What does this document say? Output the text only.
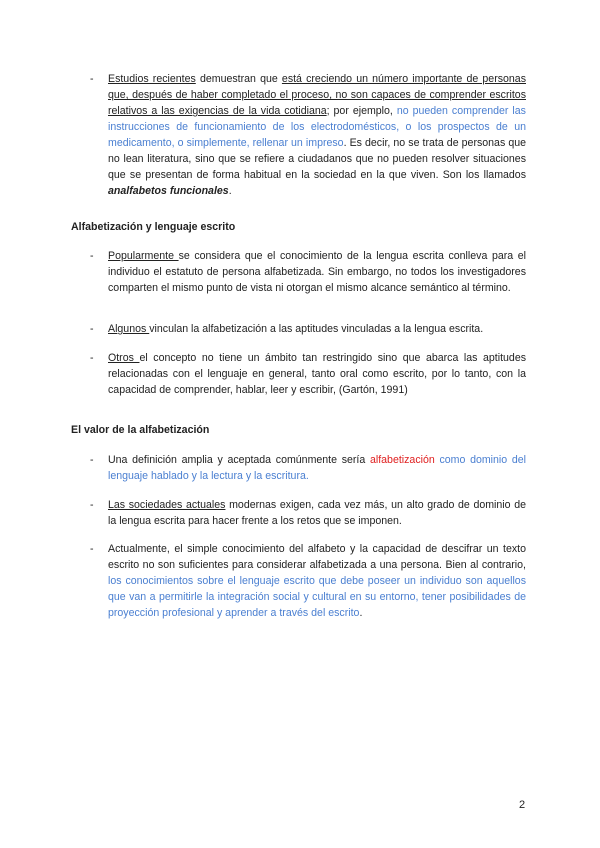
- Estudios recientes demuestran que está creciendo un número importante de personas que, después de haber completado el proceso, no son capaces de comprender escritos relativos a las exigencias de la vida cotidiana; por ejemplo, no pueden comprender las instrucciones de funcionamiento de los electrodomésticos, o los prospectos de un medicamento, o simplemente, rellenar un impreso. Es decir, no se trata de personas que no lean literatura, sino que se refiere a ciudadanos que no pueden resolver situaciones que se presentan de forma habitual en la sociedad en la que viven. Son los llamados analfabetos funcionales.
Alfabetización y lenguaje escrito
- Popularmente se considera que el conocimiento de la lengua escrita conlleva para el individuo el estatuto de persona alfabetizada. Sin embargo, no todos los investigadores comparten el mismo punto de vista ni otorgan el mismo alcance semántico al término.
- Algunos vinculan la alfabetización a las aptitudes vinculadas a la lengua escrita.
- Otros el concepto no tiene un ámbito tan restringido sino que abarca las aptitudes relacionadas con el lenguaje en general, tanto oral como escrito, por lo tanto, con la capacidad de comprender, hablar, leer y escribir, (Gartón, 1991)
El valor de la alfabetización
- Una definición amplia y aceptada comúnmente sería alfabetización como dominio del lenguaje hablado y la lectura y la escritura.
- Las sociedades actuales modernas exigen, cada vez más, un alto grado de dominio de la lengua escrita para hacer frente a los retos que se imponen.
- Actualmente, el simple conocimiento del alfabeto y la capacidad de descifrar un texto escrito no son suficientes para considerar alfabetizada a una persona. Bien al contrario, los conocimientos sobre el lenguaje escrito que debe poseer un individuo son aquellos que van a permitirle la integración social y cultural en su entorno, tener posibilidades de proyección profesional y aprender a través del escrito.
2
